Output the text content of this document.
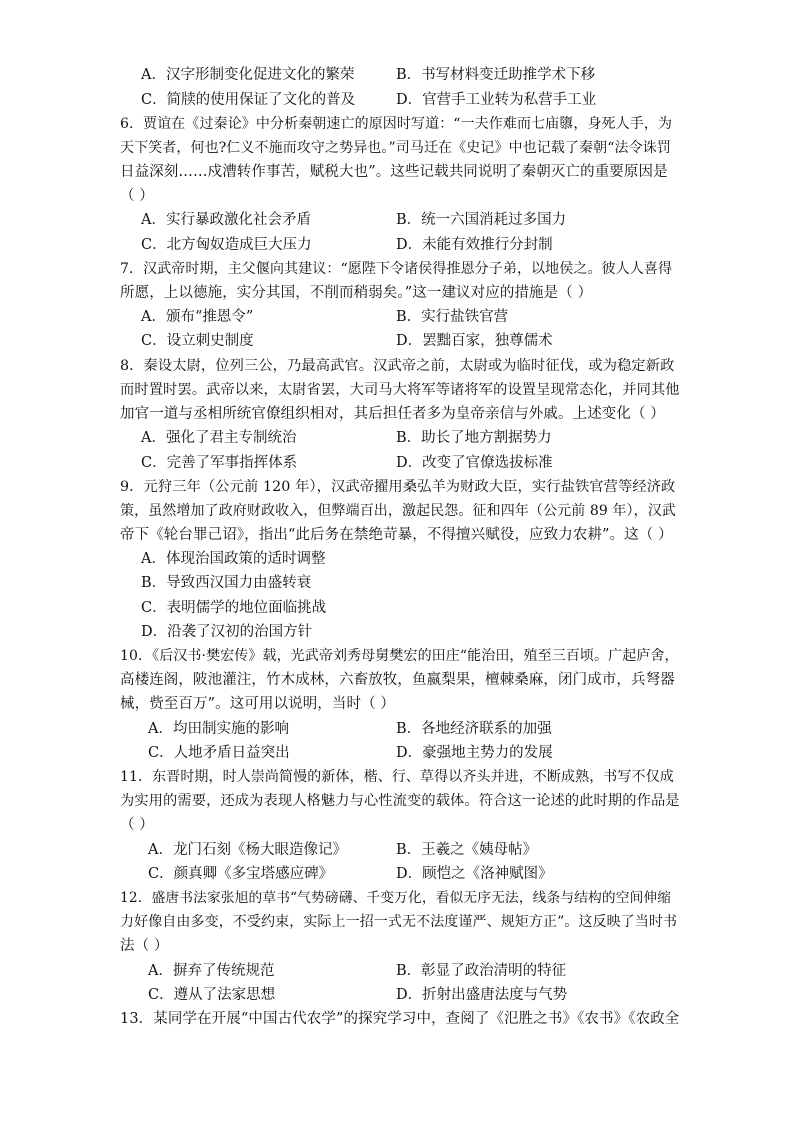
A．汉字形制变化促进文化的繁荣	B．书写材料变迁助推学术下移
C．简牍的使用保证了文化的普及	D．官营手工业转为私营手工业
6．贾谊在《过秦论》中分析秦朝速亡的原因时写道：“一夫作难而七庙隳，身死人手，为
天下笑者，何也?仁义不施而攻守之势异也。”司马迁在《史记》中也记载了秦朝“法令诛罚
日益深刻……戍漕转作事苦，赋税大也”。这些记载共同说明了秦朝灭亡的重要原因是
（ ）
A．实行暴政激化社会矛盾	B．统一六国消耗过多国力
C．北方匈奴造成巨大压力	D．未能有效推行分封制
7．汉武帝时期，主父偃向其建议：“愿陛下令诸侯得推恩分子弟，以地侯之。彼人人喜得
所愿，上以德施，实分其国，不削而稍弱矣。”这一建议对应的措施是（ ）
A．颁布“推恩令”	B．实行盐铁官营
C．设立刺史制度	D．罢黜百家，独尊儒术
8．秦设太尉，位列三公，乃最高武官。汉武帝之前，太尉或为临时征伐，或为稳定新政
而时置时罢。武帝以来，太尉省罢，大司马大将军等诸将军的设置呈现常态化，并同其他
加官一道与丞相所统官僚组织相对，其后担任者多为皇帝亲信与外戚。上述变化（ ）
A．强化了君主专制统治	B．助长了地方割据势力
C．完善了军事指挥体系	D．改变了官僚选拔标准
9．元狩三年（公元前 120 年），汉武帝擢用桑弘羊为财政大臣，实行盐铁官营等经济政
策，虽然增加了政府财政收入，但弊端百出，激起民怨。征和四年（公元前 89 年），汉武
帝下《轮台罪己诏》，指出“此后务在禁绝苛暴，不得擅兴赋役，应致力农耕”。这（ ）
A．体现治国政策的适时调整
B．导致西汉国力由盛转衰
C．表明儒学的地位面临挑战
D．沿袭了汉初的治国方针
10．《后汉书·樊宏传》载，光武帝刘秀母舅樊宏的田庄“能治田，殖至三百顷。广起庐舍，
高楼连阁，陂池灌注，竹木成林，六畜放牧，鱼嬴梨果，檀棘桑麻，闭门成市，兵弩器
械，赀至百万”。这可用以说明，当时（ ）
A．均田制实施的影响	B．各地经济联系的加强
C．人地矛盾日益突出	D．豪强地主势力的发展
11．东晋时期，时人崇尚简慢的新体，楷、行、草得以齐头并进，不断成熟，书写不仅成
为实用的需要，还成为表现人格魅力与心性流变的载体。符合这一论述的此时期的作品是
（ ）
A．龙门石刻《杨大眼造像记》	B．王羲之《姨母帖》
C．颜真卿《多宝塔感应碑》	D．顾恺之《洛神赋图》
12．盛唐书法家张旭的草书“气势磅礴、千变万化，看似无序无法，线条与结构的空间伸缩
力好像自由多变，不受约束，实际上一招一式无不法度谨严、规矩方正”。这反映了当时书
法（ ）
A．摒弃了传统规范	B．彰显了政治清明的特征
C．遵从了法家思想	D．折射出盛唐法度与气势
13．某同学在开展“中国古代农学”的探究学习中，查阅了《氾胜之书》《农书》《农政全
